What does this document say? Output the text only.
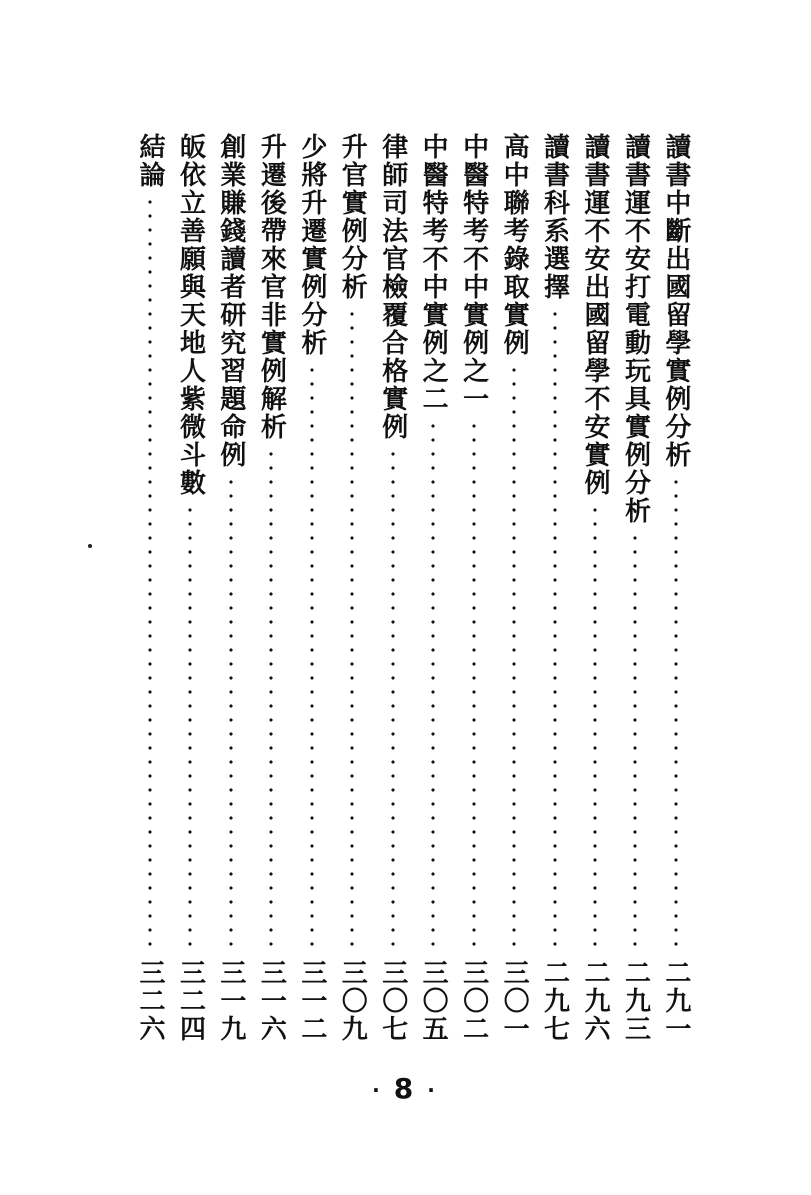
讀書中斷出國留學實例分析
二九一
讀書運不安打電動玩具實例分析
二九三
讀書運不安出國留學不安實例
二九六
讀書科系選擇
二九七
高中聯考錄取實例
三〇一
中醫特考不中實例之一
三〇二
中醫特考不中實例之二
三〇五
律師司法官檢覆合格實例
三〇七
升官實例分析
三〇九
少將升遷實例分析
三一二
升遷後帶來官非實例解析
三一六
創業賺錢讀者研究習題命例
三一九
皈依立善願與天地人紫微斗數
三二四
結論
三二六
· 8 ·
